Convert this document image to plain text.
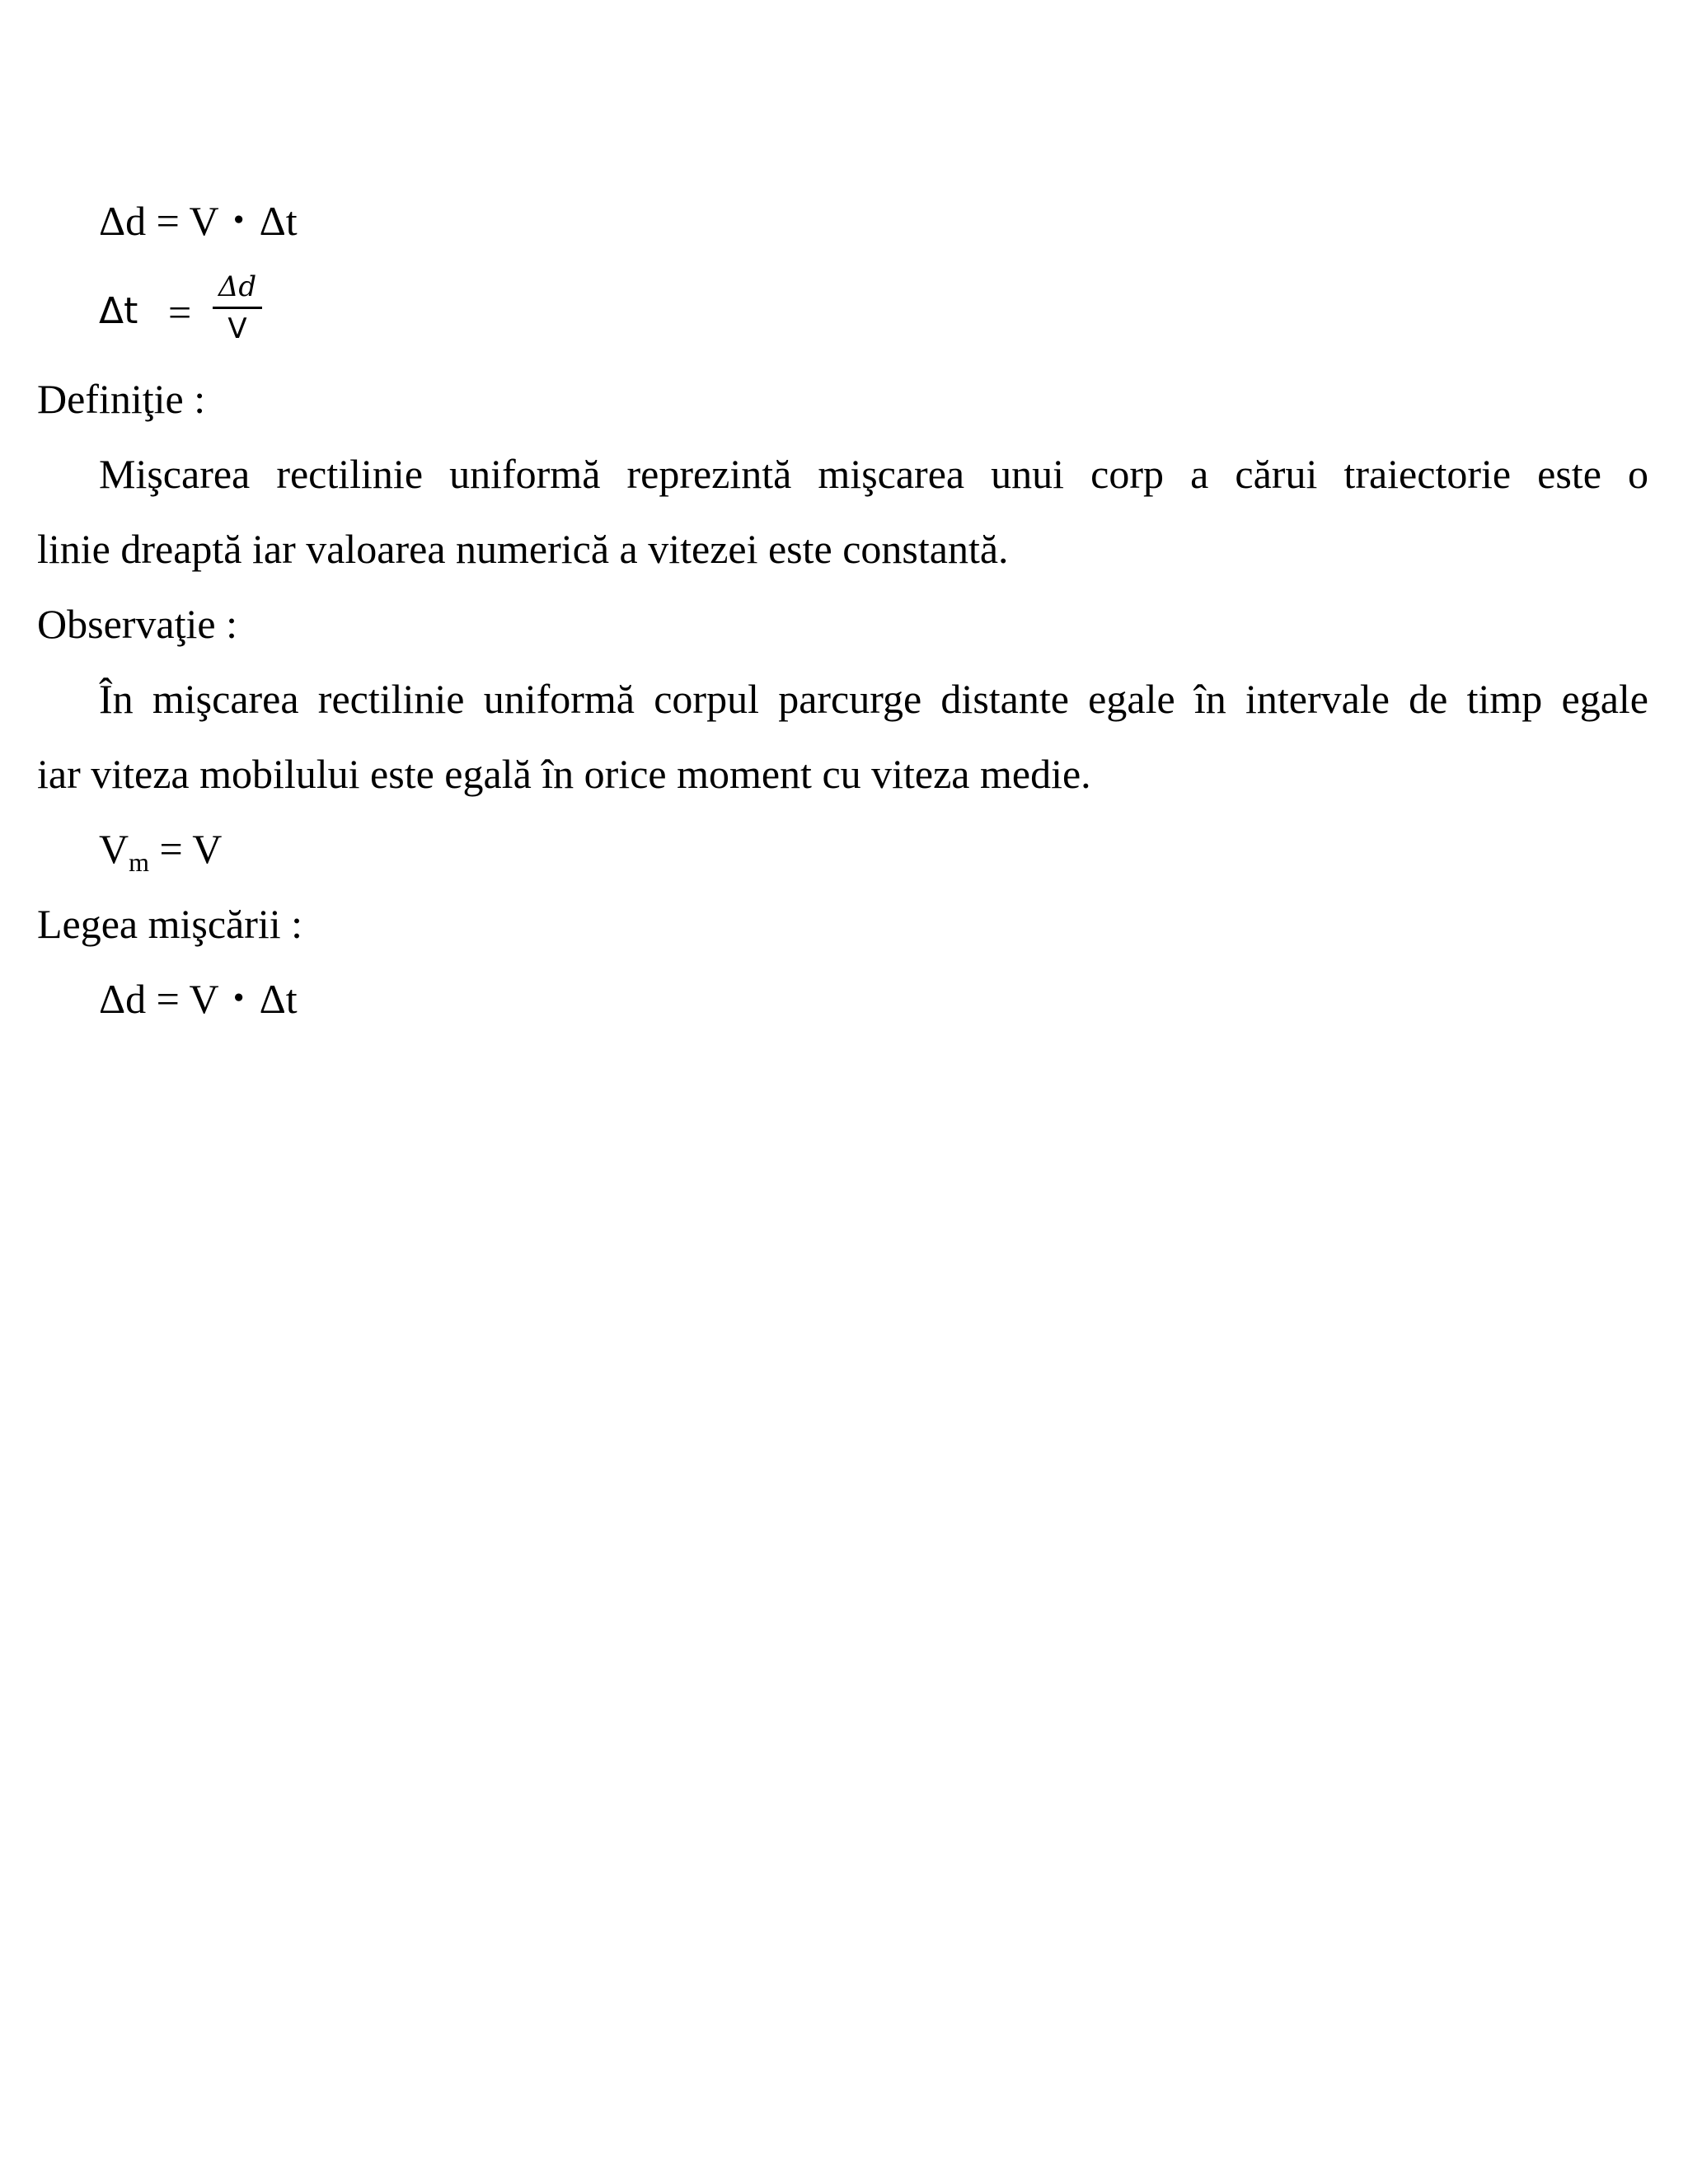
Δd = V ･ Δt
Δt =
Δ𝑑
V
Definiţie :
Mişcarea rectilinie uniformă reprezintă mişcarea unui corp a cărui traiectorie este o
linie dreaptă iar valoarea numerică a vitezei este constantă.
Observaţie :
În mişcarea rectilinie uniformă corpul parcurge distante egale în intervale de timp egale
iar viteza mobilului este egală în orice moment cu viteza medie.
$V_m = V$
Legea mişcării :
Δd = V ･ Δt
